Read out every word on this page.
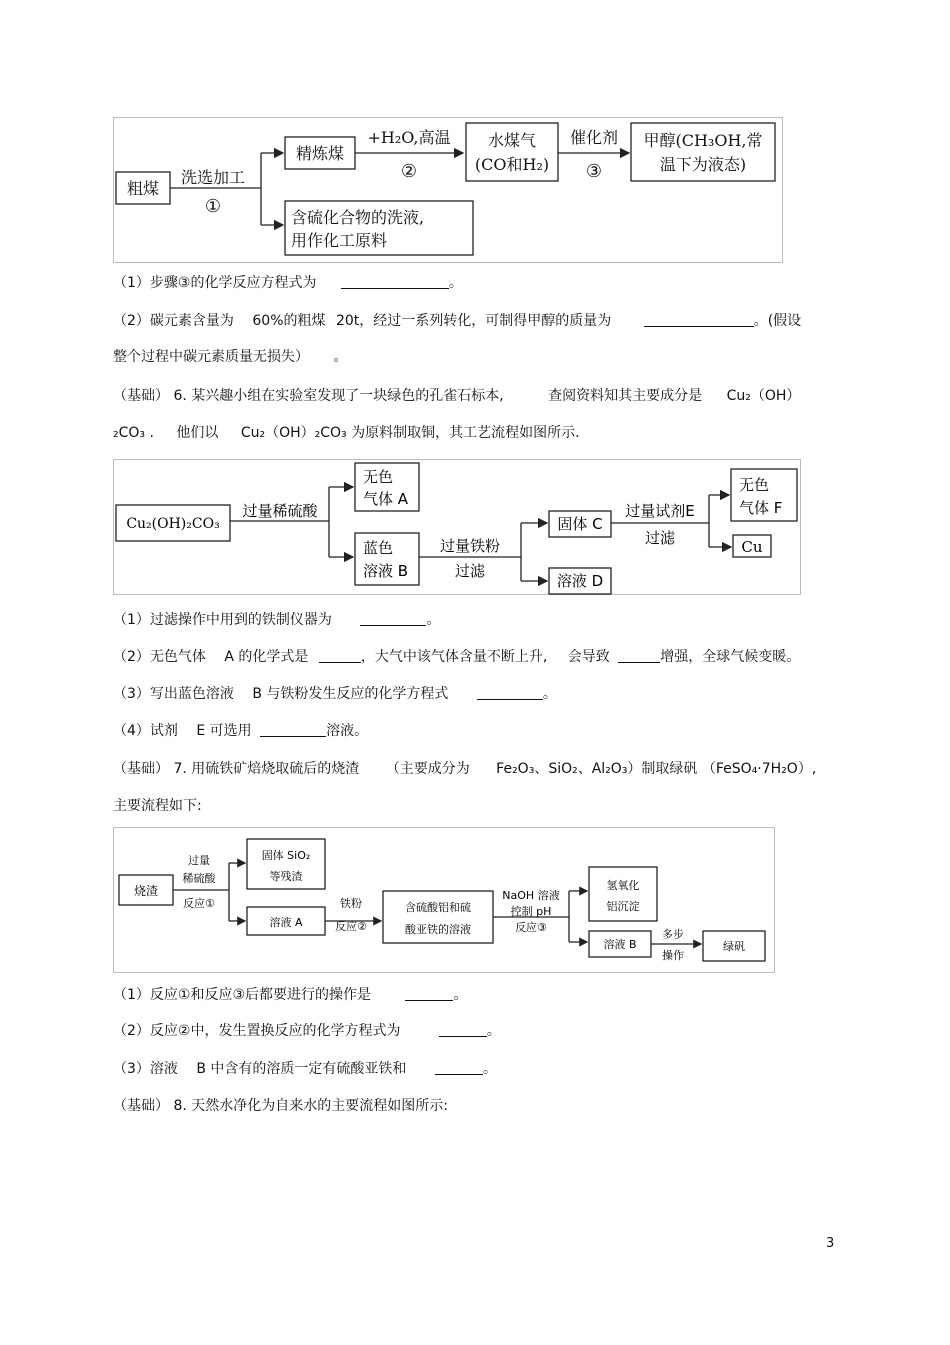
粗煤
洗选加工
①
精炼煤
+H₂O,高温
②
水煤气
(CO和H₂)
催化剂
③
甲醇(CH₃OH,常
温下为液态)
含硫化合物的洗液,
用作化工原料
（1）步骤③的化学反应方程式为	。
（2）碳元素含量为 60%的粗煤 20t，经过一系列转化，可制得甲醇的质量为	。(假设
整个过程中碳元素质量无损失） 。
（基础） 6. 某兴趣小组在实验室发现了一块绿色的孔雀石标本,	查阅资料知其主要成分是 Cu₂（OH）
₂CO₃ . 他们以 Cu₂（OH）₂CO₃ 为原料制取铜，其工艺流程如图所示.
Cu₂(OH)₂CO₃
过量稀硫酸
无色
气体 A
蓝色
溶液 B
过量铁粉
过滤
固体 C
溶液 D
过量试剂E
过滤
无色
气体 F
Cu
（1）过滤操作中用到的铁制仪器为	。
（2）无色气体 A 的化学式是	，大气中该气体含量不断上升, 会导致	增强，全球气候变暖。
（3）写出蓝色溶液 B 与铁粉发生反应的化学方程式	。
（4）试剂 E 可选用	溶液。
（基础） 7. 用硫铁矿焙烧取硫后的烧渣 （主要成分为 Fe₂O₃、SiO₂、Al₂O₃）制取绿矾 （FeSO₄·7H₂O）,
主要流程如下:
烧渣
过量
稀硫酸
反应①
固体 SiO₂
等残渣
溶液 A
铁粉
反应②
含硫酸铝和硫
酸亚铁的溶液
NaOH 溶液
控制 pH
反应③
氢氧化
铝沉淀
溶液 B
多步
操作
绿矾
（1）反应①和反应③后都要进行的操作是	。
（2）反应②中，发生置换反应的化学方程式为	。
（3）溶液 B 中含有的溶质一定有硫酸亚铁和	。
（基础） 8. 天然水净化为自来水的主要流程如图所示:
3
